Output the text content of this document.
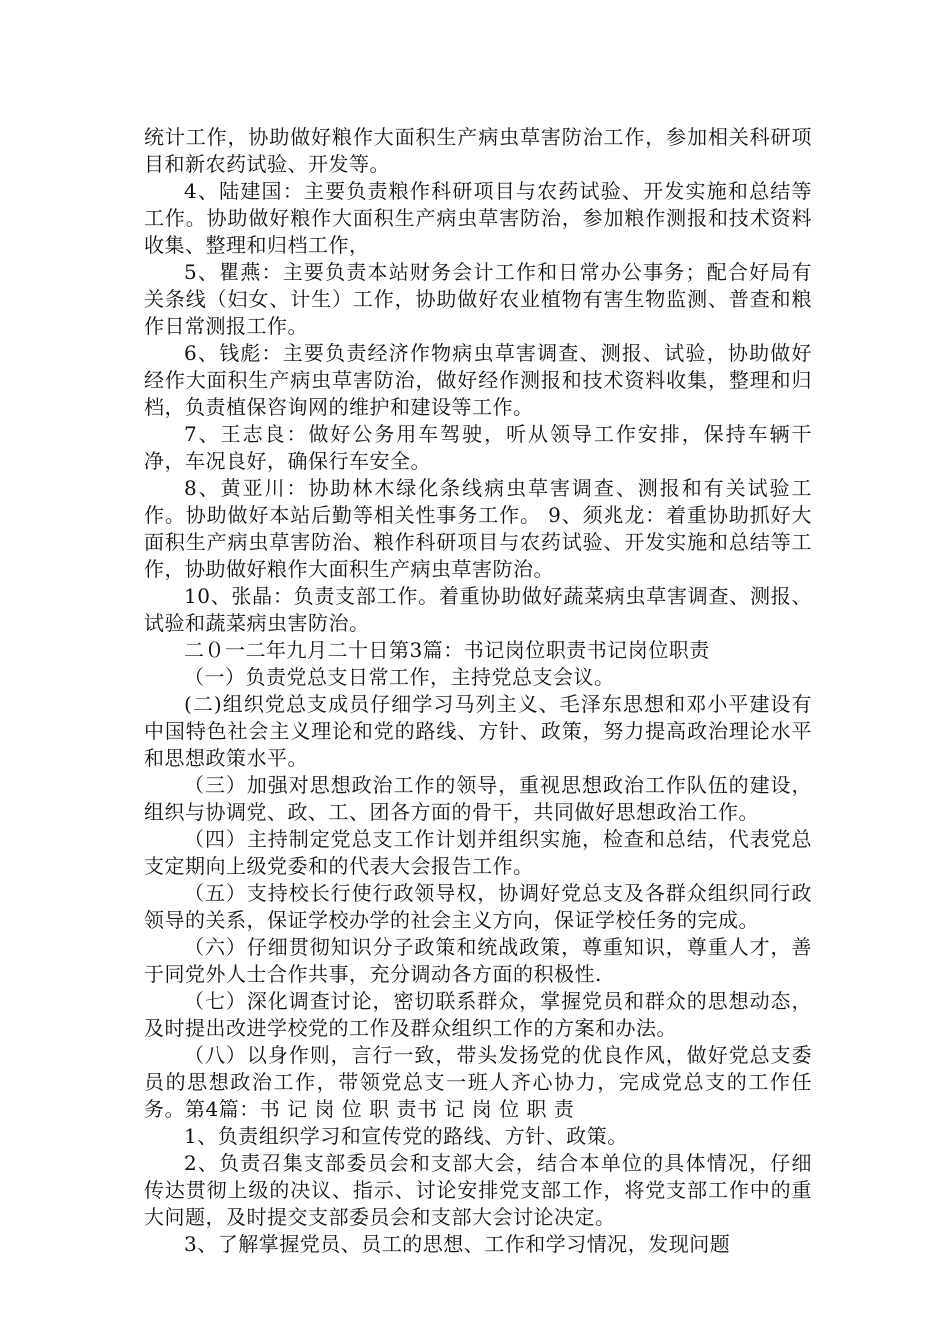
统计工作，协助做好粮作大面积生产病虫草害防治工作，参加相关科研项目和新农药试验、开发等。

4、陆建国：主要负责粮作科研项目与农药试验、开发实施和总结等工作。协助做好粮作大面积生产病虫草害防治，参加粮作测报和技术资料收集、整理和归档工作，

5、瞿燕：主要负责本站财务会计工作和日常办公事务；配合好局有关条线（妇女、计生）工作，协助做好农业植物有害生物监测、普查和粮作日常测报工作。

6、钱彪：主要负责经济作物病虫草害调查、测报、试验，协助做好经作大面积生产病虫草害防治，做好经作测报和技术资料收集，整理和归档，负责植保咨询网的维护和建设等工作。

7、王志良：做好公务用车驾驶，听从领导工作安排，保持车辆干净，车况良好，确保行车安全。

8、黄亚川：协助林木绿化条线病虫草害调查、测报和有关试验工作。协助做好本站后勤等相关性事务工作。 9、须兆龙：着重协助抓好大面积生产病虫草害防治、粮作科研项目与农药试验、开发实施和总结等工作，协助做好粮作大面积生产病虫草害防治。

10、张晶：负责支部工作。着重协助做好蔬菜病虫草害调查、测报、试验和蔬菜病虫害防治。

二０一二年九月二十日第3篇：书记岗位职责书记岗位职责

（一）负责党总支日常工作，主持党总支会议。

(二)组织党总支成员仔细学习马列主义、毛泽东思想和邓小平建设有中国特色社会主义理论和党的路线、方针、政策，努力提高政治理论水平和思想政策水平。

（三）加强对思想政治工作的领导，重视思想政治工作队伍的建设，组织与协调党、政、工、团各方面的骨干，共同做好思想政治工作。

（四）主持制定党总支工作计划并组织实施，检查和总结，代表党总支定期向上级党委和的代表大会报告工作。

（五）支持校长行使行政领导权，协调好党总支及各群众组织同行政领导的关系，保证学校办学的社会主义方向，保证学校任务的完成。

（六）仔细贯彻知识分子政策和统战政策，尊重知识，尊重人才，善于同党外人士合作共事，充分调动各方面的积极性.

（七）深化调查讨论，密切联系群众，掌握党员和群众的思想动态，及时提出改进学校党的工作及群众组织工作的方案和办法。

（八）以身作则，言行一致，带头发扬党的优良作风，做好党总支委员的思想政治工作，带领党总支一班人齐心协力，完成党总支的工作任务。第4篇：书 记 岗 位 职 责书 记 岗 位 职 责

1、负责组织学习和宣传党的路线、方针、政策。

2、负责召集支部委员会和支部大会，结合本单位的具体情况，仔细传达贯彻上级的决议、指示、讨论安排党支部工作，将党支部工作中的重大问题，及时提交支部委员会和支部大会讨论决定。

3、了解掌握党员、员工的思想、工作和学习情况，发现问题
